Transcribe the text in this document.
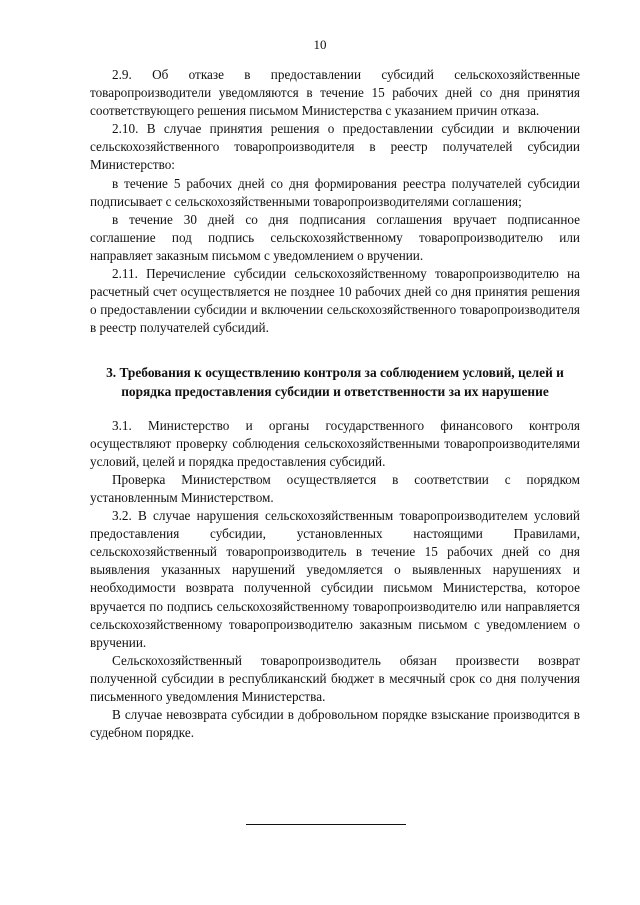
10

2.9. Об отказе в предоставлении субсидий сельскохозяйственные товаропроизводители уведомляются в течение 15 рабочих дней со дня принятия соответствующего решения письмом Министерства с указанием причин отказа.

2.10. В случае принятия решения о предоставлении субсидии и включении сельскохозяйственного товаропроизводителя в реестр получателей субсидии Министерство:

в течение 5 рабочих дней со дня формирования реестра получателей субсидии подписывает с сельскохозяйственными товаропроизводителями соглашения;

в течение 30 дней со дня подписания соглашения вручает подписанное соглашение под подпись сельскохозяйственному товаропроизводителю или направляет заказным письмом с уведомлением о вручении.

2.11. Перечисление субсидии сельскохозяйственному товаропроизводителю на расчетный счет осуществляется не позднее 10 рабочих дней со дня принятия решения о предоставлении субсидии и включении сельскохозяйственного товаропроизводителя в реестр получателей субсидий.

3. Требования к осуществлению контроля за соблюдением условий, целей и порядка предоставления субсидии и ответственности за их нарушение

3.1. Министерство и органы государственного финансового контроля осуществляют проверку соблюдения сельскохозяйственными товаропроизводителями условий, целей и порядка предоставления субсидий.

Проверка Министерством осуществляется в соответствии с порядком установленным Министерством.

3.2. В случае нарушения сельскохозяйственным товаропроизводителем условий предоставления субсидии, установленных настоящими Правилами, сельскохозяйственный товаропроизводитель в течение 15 рабочих дней со дня выявления указанных нарушений уведомляется о выявленных нарушениях и необходимости возврата полученной субсидии письмом Министерства, которое вручается по подпись сельскохозяйственному товаропроизводителю или направляется сельскохозяйственному товаропроизводителю заказным письмом с уведомлением о вручении.

Сельскохозяйственный товаропроизводитель обязан произвести возврат полученной субсидии в республиканский бюджет в месячный срок со дня получения письменного уведомления Министерства.

В случае невозврата субсидии в добровольном порядке взыскание производится в судебном порядке.
